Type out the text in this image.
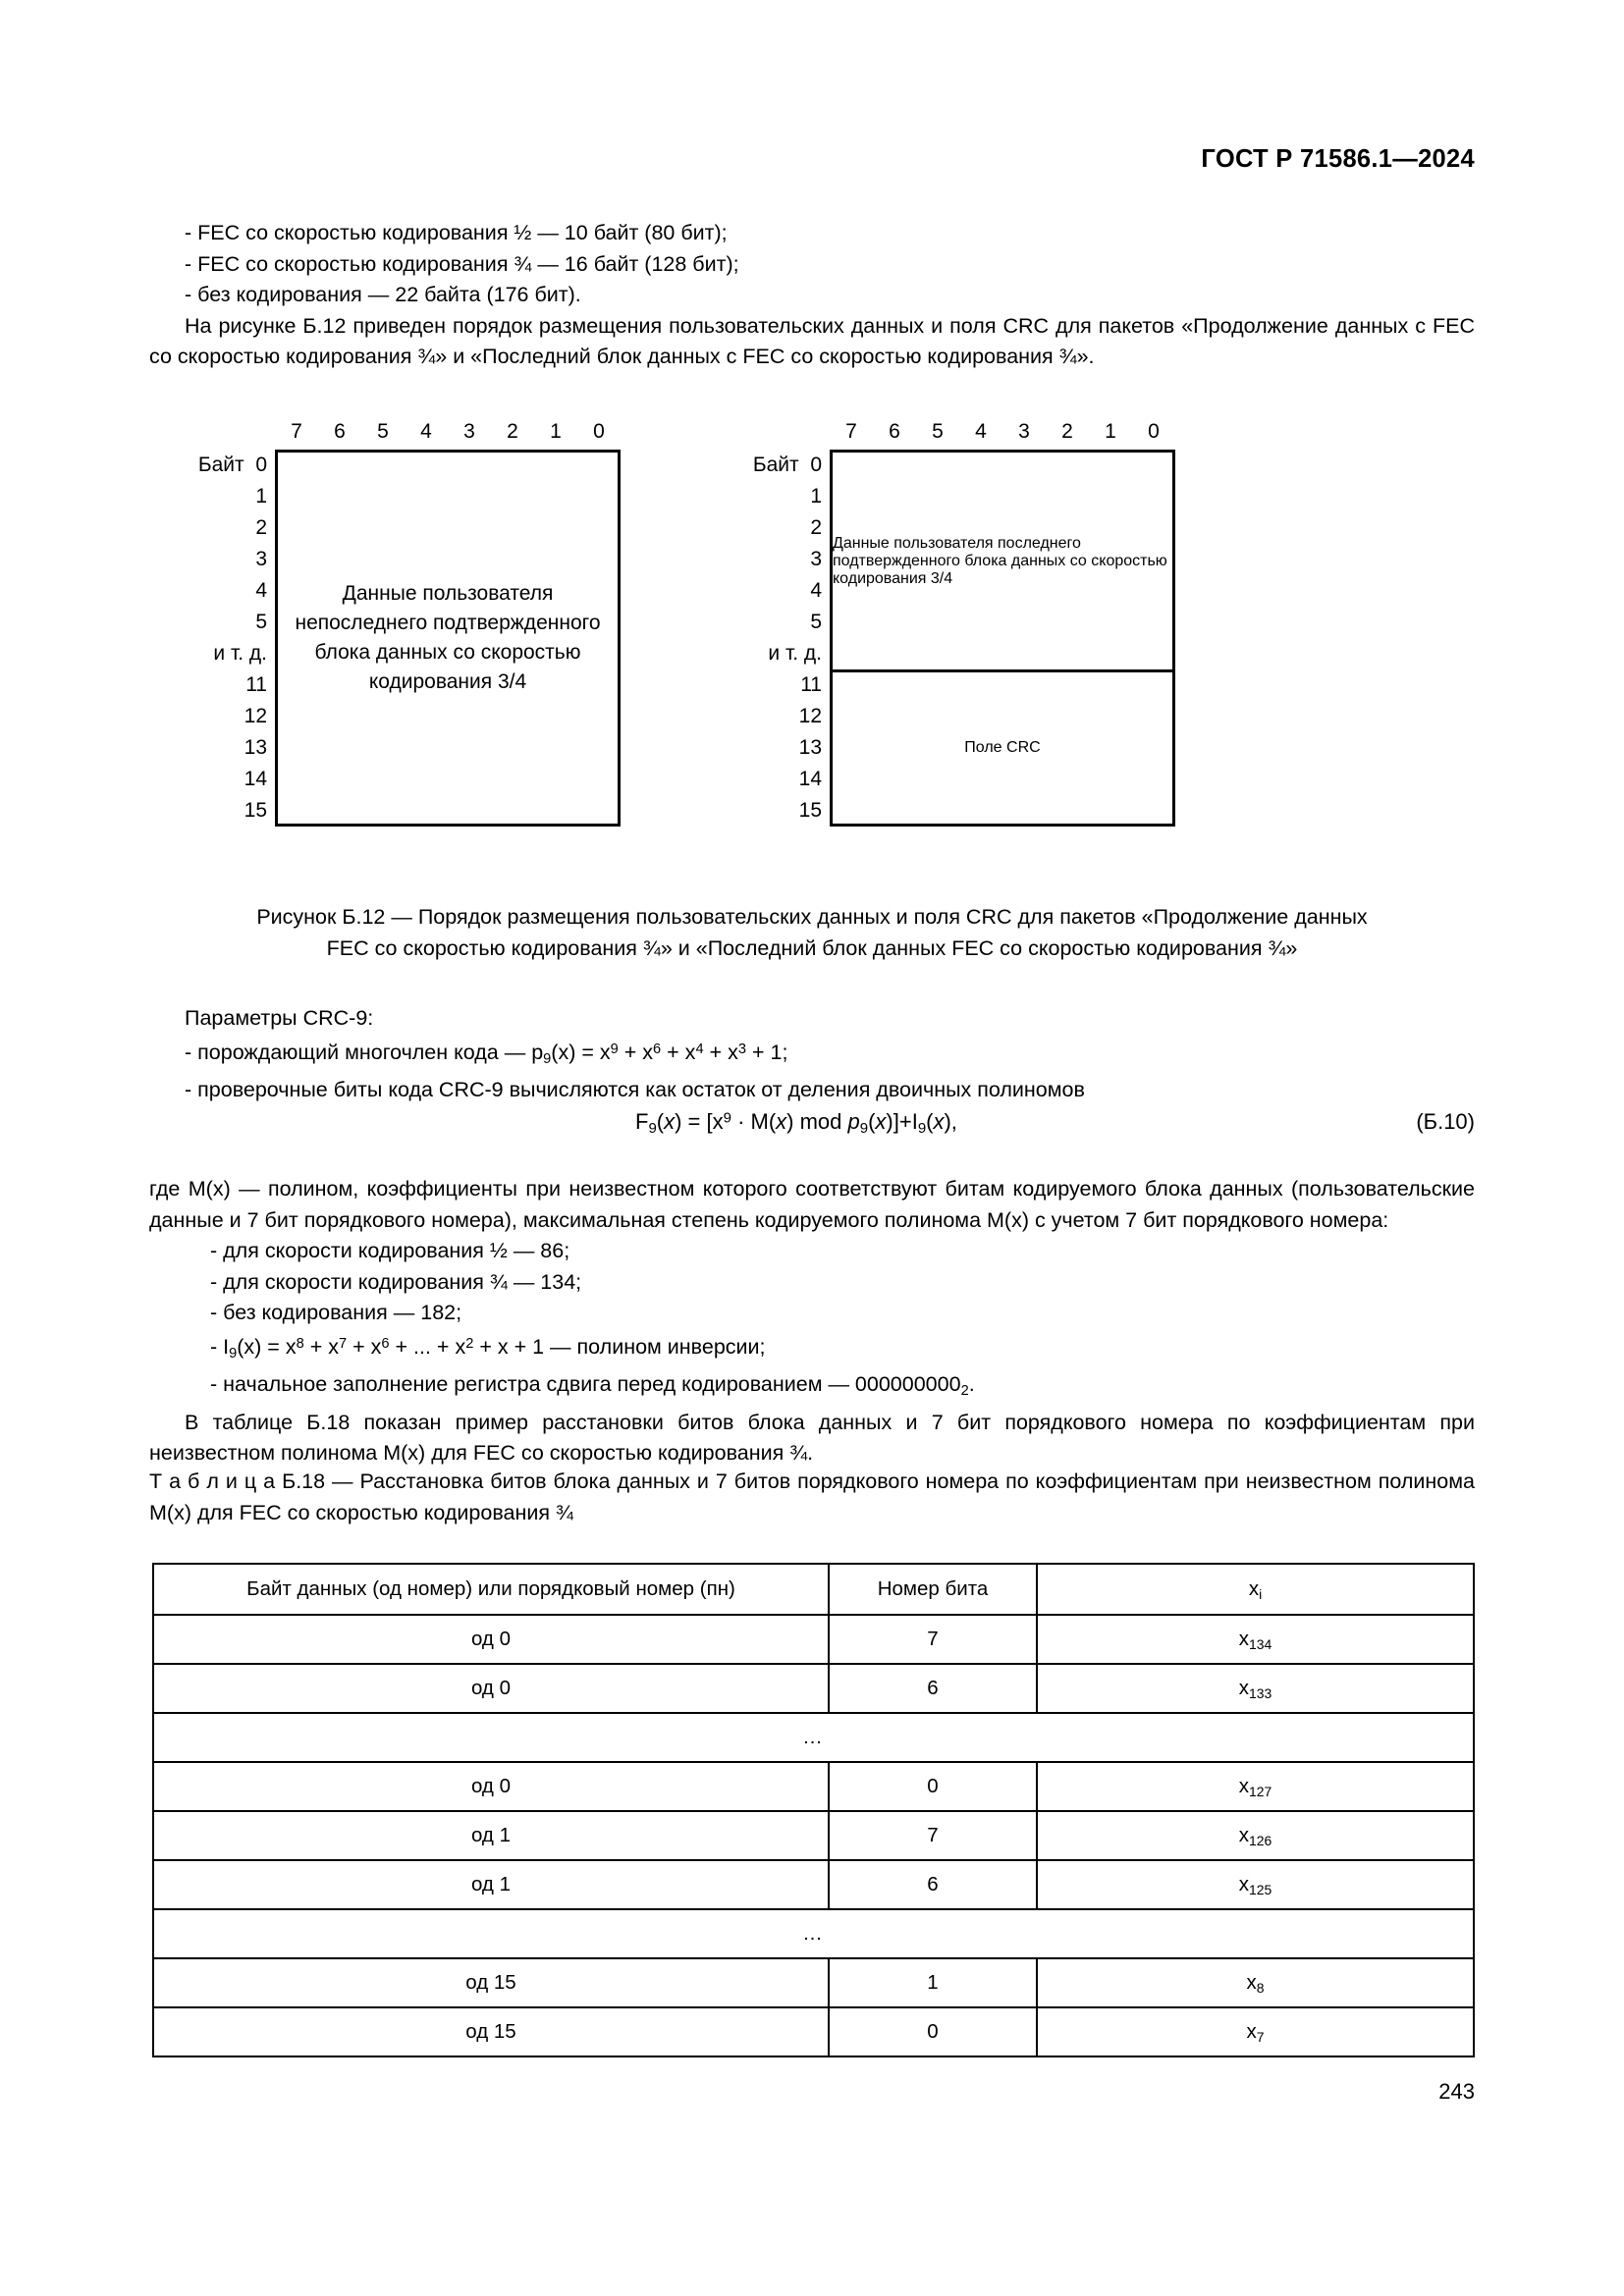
ГОСТ Р 71586.1—2024

- FEC со скоростью кодирования ½ — 10 байт (80 бит);

- FEC со скоростью кодирования ¾ — 16 байт (128 бит);

- без кодирования — 22 байта (176 бит).

На рисунке Б.12 приведен порядок размещения пользовательских данных и поля CRC для пакетов «Продолжение данных с FEC со скоростью кодирования ¾» и «Последний блок данных с FEC со скоростью кодирования ¾».

7	6	5	4	3	2	1	0
Байт 0
1
2
3
4
5
и т. д.
11
12
13
14
15
Данные пользователя непоследнего подтвержденного блока данных со скоростью кодирования 3/4
7	6	5	4	3	2	1	0
Байт 0
1
2
3
4
5
и т. д.
11
12
13
14
15
Данные пользователя последнего подтвержденного блока данных со скоростью кодирования 3/4
Поле CRC
Рисунок Б.12 — Порядок размещения пользовательских данных и поля CRC для пакетов «Продолжение данных
FEC со скоростью кодирования ¾» и «Последний блок данных FEC со скоростью кодирования ¾»

Параметры CRC-9:

- порождающий многочлен кода — $p_9(x) = x^9 + x^6 + x^4 + x^3 + 1$;

- проверочные биты кода CRC-9 вычисляются как остаток от деления двоичных полиномов

$F_9(x) = [x^9 \cdot M(x)$ mod $p_9(x)]+I_9(x)$,	(Б.10)

где M(x) — полином, коэффициенты при неизвестном которого соответствуют битам кодируемого блока данных (пользовательские данные и 7 бит порядкового номера), максимальная степень кодируемого полинома M(x) с учетом 7 бит порядкового номера:

- для скорости кодирования ½ — 86;

- для скорости кодирования ¾ — 134;

- без кодирования — 182;

- $I_9(x) = x^8 + x^7 + x^6$ + ... + $x^2 + x + 1$ — полином инверсии;

- начальное заполнение регистра сдвига перед кодированием — $000000000_2$.

В таблице Б.18 показан пример расстановки битов блока данных и 7 бит порядкового номера по коэффициентам при неизвестном полинома M(x) для FEC со скоростью кодирования ¾.

Т а б л и ц а Б.18 — Расстановка битов блока данных и 7 битов порядкового номера по коэффициентам при неизвестном полинома M(x) для FEC со скоростью кодирования ¾

Байт данных (од номер) или порядковый номер (пн)	Номер бита	$x_i$
од 0	7	$x_{134}$
од 0	6	$x_{133}$
…		
од 0	0	$x_{127}$
од 1	7	$x_{126}$
од 1	6	$x_{125}$
…		
од 15	1	$x_8$
од 15	0	$x_7$
243
